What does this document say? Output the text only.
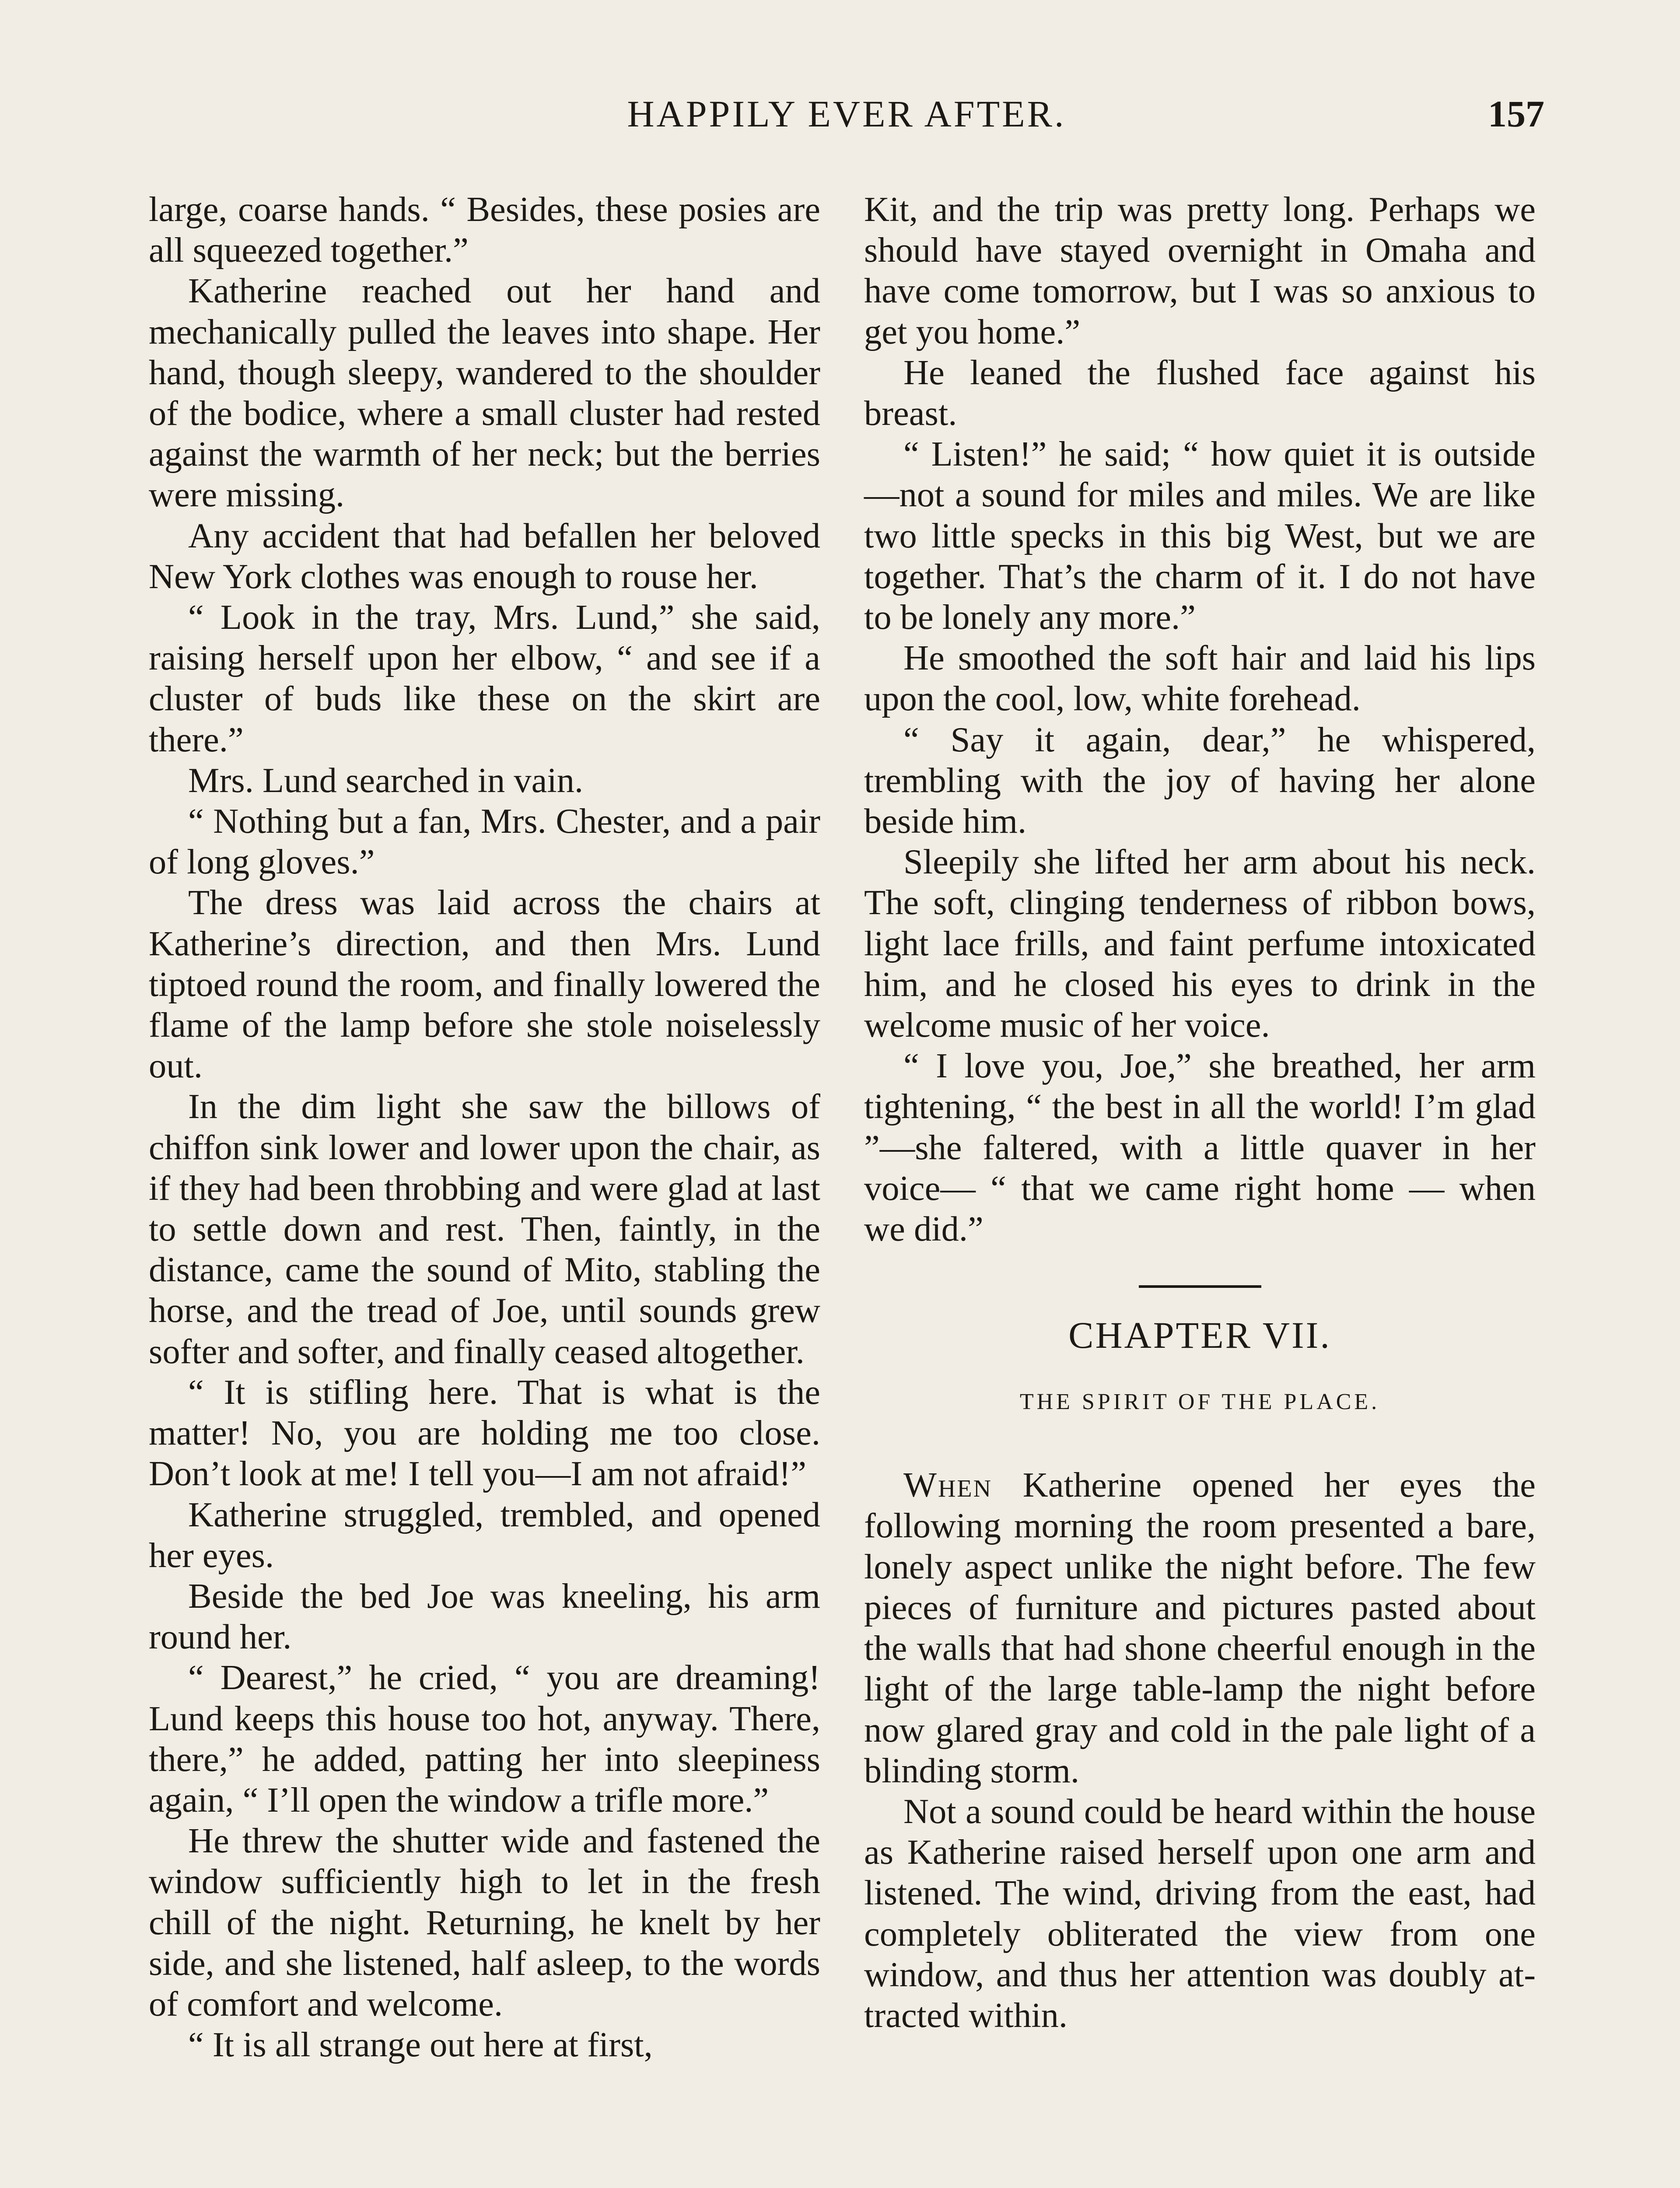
HAPPILY EVER AFTER.	157

large, coarse hands. “ Besides, these posies are all squeezed together.”

Katherine reached out her hand and mechanically pulled the leaves into shape. Her hand, though sleepy, wandered to the shoulder of the bodice, where a small cluster had rested against the warmth of her neck; but the berries were missing.

Any accident that had befallen her beloved New York clothes was enough to rouse her.

“ Look in the tray, Mrs. Lund,” she said, raising herself upon her elbow, “ and see if a cluster of buds like these on the skirt are there.”

Mrs. Lund searched in vain.

“ Nothing but a fan, Mrs. Chester, and a pair of long gloves.”

The dress was laid across the chairs at Katherine’s direction, and then Mrs. Lund tiptoed round the room, and finally lowered the flame of the lamp before she stole noiselessly out.

In the dim light she saw the billows of chiffon sink lower and lower upon the chair, as if they had been throbbing and were glad at last to settle down and rest. Then, faintly, in the distance, came the sound of Mito, stabling the horse, and the tread of Joe, until sounds grew softer and softer, and finally ceased altogether.

“ It is stifling here. That is what is the matter! No, you are holding me too close. Don’t look at me! I tell you—I am not afraid!”

Katherine struggled, trembled, and opened her eyes.

Beside the bed Joe was kneeling, his arm round her.

“ Dearest,” he cried, “ you are dreaming! Lund keeps this house too hot, anyway. There, there,” he added, patting her into sleepiness again, “ I’ll open the window a trifle more.”

He threw the shutter wide and fastened the window sufficiently high to let in the fresh chill of the night. Returning, he knelt by her side, and she listened, half asleep, to the words of comfort and welcome.

“ It is all strange out here at first,

Kit, and the trip was pretty long. Perhaps we should have stayed overnight in Omaha and have come tomorrow, but I was so anxious to get you home.”

He leaned the flushed face against his breast.

“ Listen!” he said; “ how quiet it is outside—not a sound for miles and miles. We are like two little specks in this big West, but we are together. That’s the charm of it. I do not have to be lonely any more.”

He smoothed the soft hair and laid his lips upon the cool, low, white forehead.

“ Say it again, dear,” he whispered, trembling with the joy of having her alone beside him.

Sleepily she lifted her arm about his neck. The soft, clinging tenderness of ribbon bows, light lace frills, and faint perfume intoxicated him, and he closed his eyes to drink in the welcome music of her voice.

“ I love you, Joe,” she breathed, her arm tightening, “ the best in all the world! I’m glad ”—she faltered, with a little quaver in her voice— “ that we came right home — when we did.”

CHAPTER VII.
THE SPIRIT OF THE PLACE.

When Katherine opened her eyes the following morning the room presented a bare, lonely aspect unlike the night before. The few pieces of furniture and pictures pasted about the walls that had shone cheerful enough in the light of the large table-lamp the night before now glared gray and cold in the pale light of a blinding storm.

Not a sound could be heard within the house as Katherine raised herself upon one arm and listened. The wind, driving from the east, had completely obliterated the view from one window, and thus her attention was doubly attracted within.
